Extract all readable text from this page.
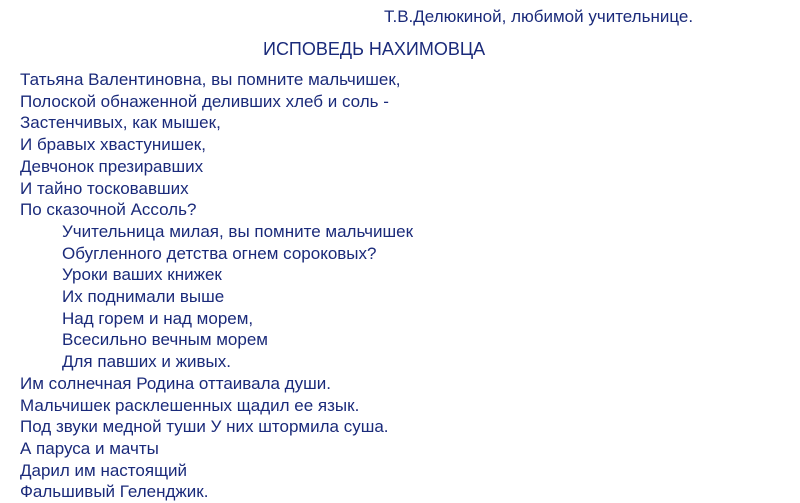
Т.В.Делюкиной, любимой учительнице.
ИСПОВЕДЬ НАХИМОВЦА
Татьяна Валентиновна, вы помните мальчишек,
Полоской обнаженной деливших хлеб и соль -
Застенчивых, как мышек,
И бравых хвастунишек,
Девчонок презиравших
И тайно тосковавших
По сказочной Ассоль?
Учительница милая, вы помните мальчишек
Обугленного детства огнем сороковых?
Уроки ваших книжек
Их поднимали выше
Над горем и над морем,
Всесильно вечным морем
Для павших и живых.
Им солнечная Родина оттаивала души.
Мальчишек расклешенных щадил ее язык.
Под звуки медной туши У них штормила суша.
А паруса и мачты
Дарил им настоящий
Фальшивый Геленджик.
